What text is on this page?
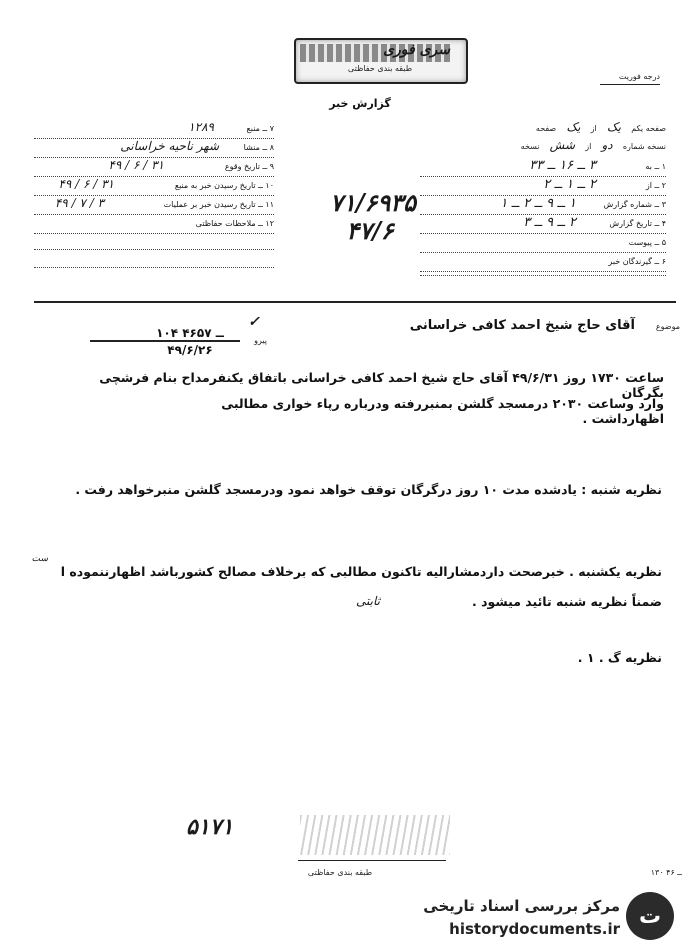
سری فوری
طبقه بندی حفاظتی
درجه فوریت
گزارش خبر
صفحه یکم   یک   از   یک   صفحه
نسخه شماره   دو   از   شش   نسخه
۱ ــ به
۳ ــ ۱۶ ــ ۳۳
۲ ــ از
۲ ــ ۱ ــ ۲
۳ ــ شماره گزارش
۱ ــ ۹ ــ ۲ ــ ۱
۴ ــ تاریخ گزارش
۲ ــ ۹ ــ ۳
۵ ــ پیوست
۶ ــ گیرندگان خبر
۷ ــ منبع
۱۲۸۹
۸ ــ منشا
شهر ناحیه خراسانی
۹ ــ تاریخ وقوع
۳۱ / ۶ / ۴۹
۱۰ ــ تاریخ رسیدن خبر به منبع
۳۱ / ۶ / ۴۹
۱۱ ــ تاریخ رسیدن خبر بر عملیات
۳ / ۷ / ۴۹
۱۲ ــ ملاحظات حفاظتی
۷۱/۶۹۳۵
۴۷/۶
موضوع
آقای حاج شیخ احمد کافی خراسانی
پیرو
✓
۱۰۴ ــ ۴۶۵۷
۴۹/۶/۲۶
ساعت ۱۷۳۰ روز ۴۹/۶/۳۱ آقای حاج شیخ احمد کافی خراسانی باتفاق یکنفرمداح بنام فرشچی بگرگان
وارد وساعت ۲۰۳۰ درمسجد گلشن بمنبررفته ودرباره رپاء خواری مطالبی اظهارداشت .
نظریه شنبه : یادشده مدت ۱۰ روز درگرگان توقف خواهد نمود ودرمسجد گلشن منبرخواهد رفت .
ست
نظریه یکشنبه . خبرصحت داردمشارالیه تاکنون مطالبی که برخلاف مصالح کشورباشد اظهارننموده ا
ضمناً نظریه شنبه تائید میشود .
ثابتی
نظریه گ . ۱ .
۵۱۷۱
طبقه بندی حفاظتی	۱۳۰ ــ ۴۶
مرکز بررسی اسناد تاریخی
historydocuments.ir
ت
